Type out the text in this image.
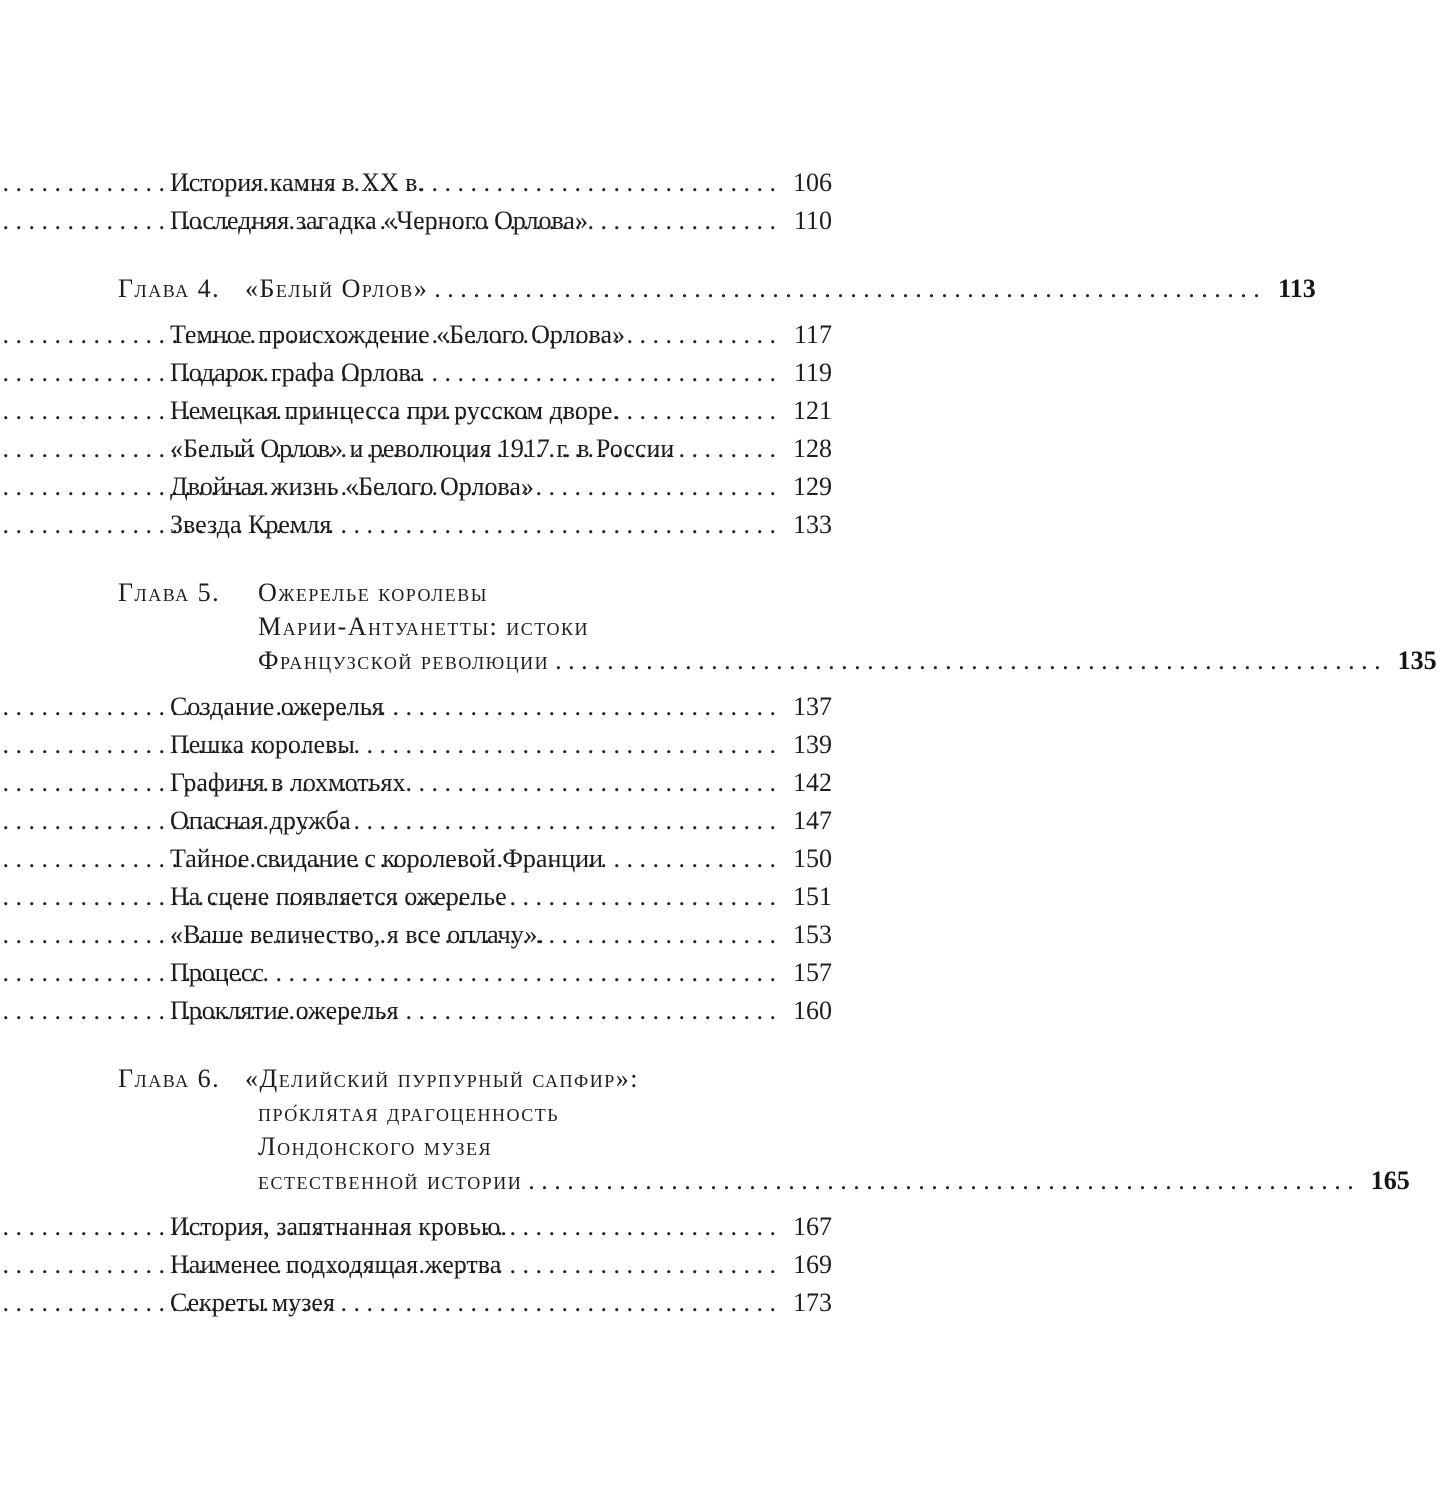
История камня в XX в. . . .	106
Последняя загадка «Черного Орлова» . . .	110
Глава 4. «Белый Орлов» . . .	113
Темное происхождение «Белого Орлова» . . .	117
Подарок графа Орлова . . .	119
Немецкая принцесса при русском дворе. . . .	121
«Белый Орлов» и революция 1917 г. в России . . .	128
Двойная жизнь «Белого Орлова» . . .	129
Звезда Кремля . . .	133
Глава 5.	Ожерелье королевы
Марии-Антуанетты: истоки
Французской революции . . .	135
Создание ожерелья . . .	137
Пешка королевы . . .	139
Графиня в лохмотьях . . .	142
Опасная дружба . . .	147
Тайное свидание с королевой Франции . . .	150
На сцене появляется ожерелье . . .	151
«Ваше величество, я все оплачу». . . .	153
Процесс . . .	157
Проклятие ожерелья . . .	160
Глава 6. «Делийский пурпурный сапфир»:
про́клятая драгоценность
Лондонского музея
естественной истории . . .	165
История, запятнанная кровью. . . .	167
Наименее подходящая жертва . . .	169
Секреты музея . . .	173
